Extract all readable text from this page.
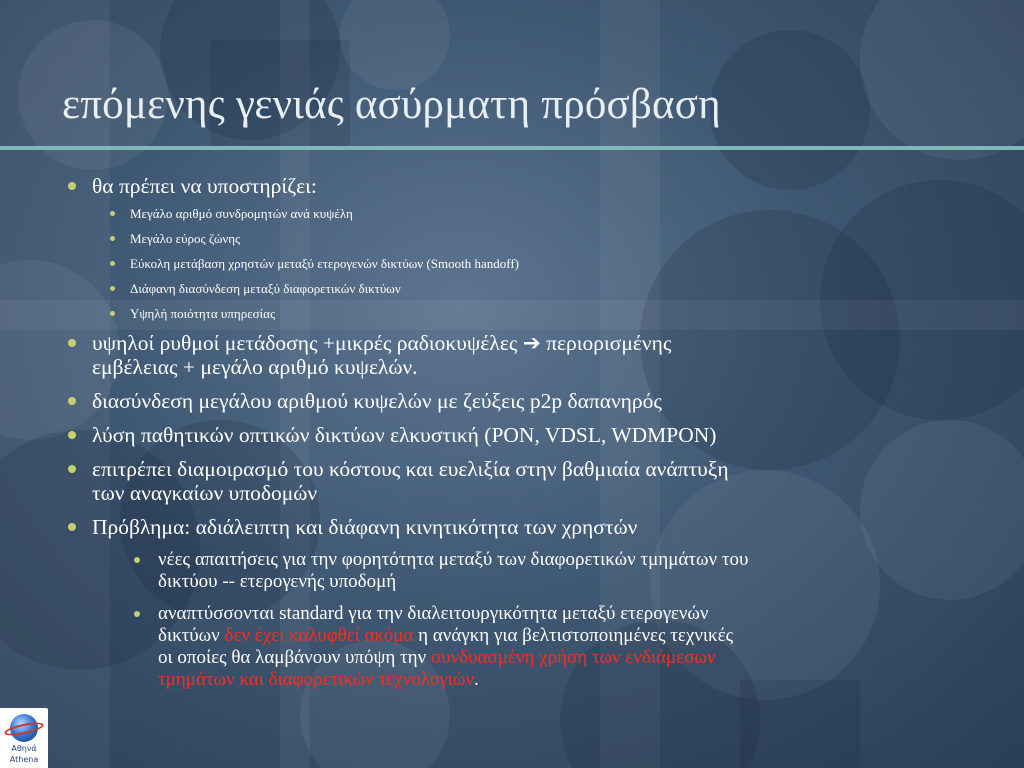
επόμενης γενιάς ασύρματη πρόσβαση
θα πρέπει να υποστηρίζει:
Μεγάλο αριθμό συνδρομητών ανά κυψέλη
Μεγάλο εύρος ζώνης
Εύκολη μετάβαση χρηστών μεταξύ ετερογενών δικτύων (Smooth handoff)
Διάφανη διασύνδεση μεταξύ διαφορετικών δικτύων
Υψηλή ποιότητα υπηρεσίας
υψηλοί ρυθμοί μετάδοσης +μικρές ραδιοκυψέλες ➔ περιορισμένης
εμβέλειας + μεγάλο αριθμό κυψελών.
διασύνδεση μεγάλου αριθμού κυψελών με ζεύξεις p2p δαπανηρός
λύση παθητικών οπτικών δικτύων ελκυστική (PON, VDSL, WDMPON)
επιτρέπει διαμοιρασμό του κόστους και ευελιξία στην βαθμιαία ανάπτυξη
των αναγκαίων υποδομών
Πρόβλημα: αδιάλειπτη και διάφανη κινητικότητα των χρηστών
νέες απαιτήσεις για την φορητότητα μεταξύ των διαφορετικών τμημάτων του
δικτύου -- ετερογενής υποδομή
αναπτύσσονται standard για την διαλειτουργικότητα μεταξύ ετερογενών
δικτύων δεν έχει καλυφθεί ακόμα η ανάγκη για βελτιστοποιημένες τεχνικές
οι οποίες θα λαμβάνουν υπόψη την συνδυασμένη χρήση των ενδιάμεσων
τμημάτων και διαφορετικών τεχνολογιών.
Αθηνά
Athena
